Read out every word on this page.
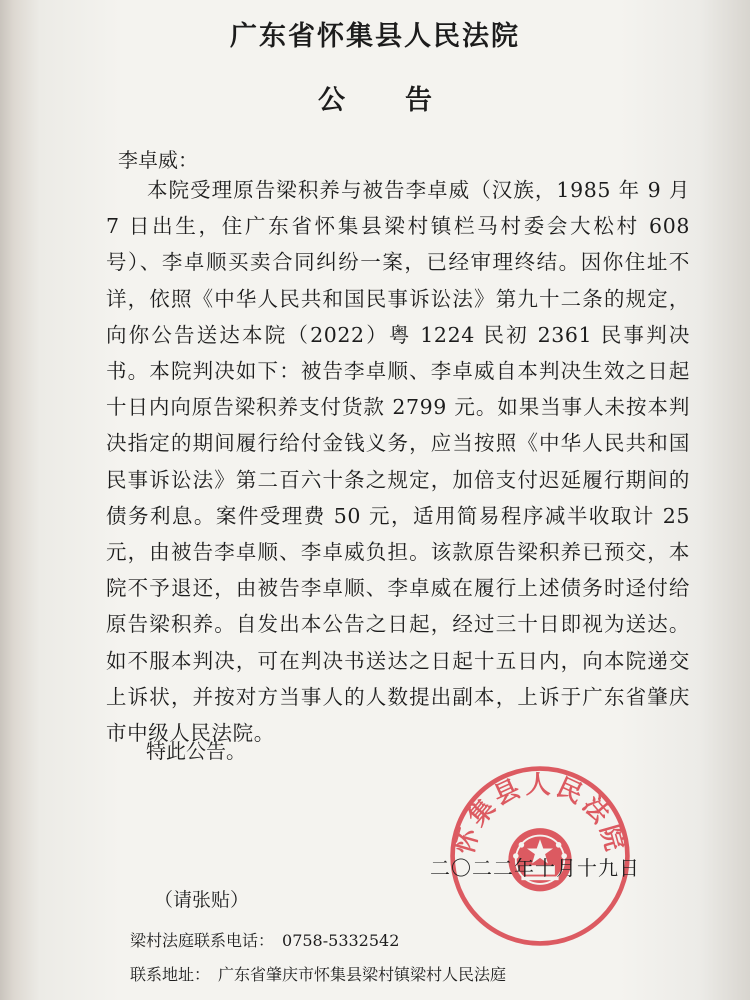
广东省怀集县人民法院
公告
李卓威：
本院受理原告梁积养与被告李卓威（汉族，1985 年 9 月 7 日出生，住广东省怀集县梁村镇栏马村委会大松村 608 号）、李卓顺买卖合同纠纷一案，已经审理终结。因你住址不详，依照《中华人民共和国民事诉讼法》第九十二条的规定，向你公告送达本院（2022）粤 1224 民初 2361 民事判决书。本院判决如下：被告李卓顺、李卓威自本判决生效之日起十日内向原告梁积养支付货款 2799 元。如果当事人未按本判决指定的期间履行给付金钱义务，应当按照《中华人民共和国民事诉讼法》第二百六十条之规定，加倍支付迟延履行期间的债务利息。案件受理费 50 元，适用简易程序减半收取计 25 元，由被告李卓顺、李卓威负担。该款原告梁积养已预交，本院不予退还，由被告李卓顺、李卓威在履行上述债务时迳付给原告梁积养。自发出本公告之日起，经过三十日即视为送达。如不服本判决，可在判决书送达之日起十五日内，向本院递交上诉状，并按对方当事人的人数提出副本，上诉于广东省肇庆市中级人民法院。
特此公告。
怀集县人民法院
二〇二二年十月十九日
（请张贴）
梁村法庭联系电话： 0758-5332542
联系地址： 广东省肇庆市怀集县梁村镇梁村人民法庭
